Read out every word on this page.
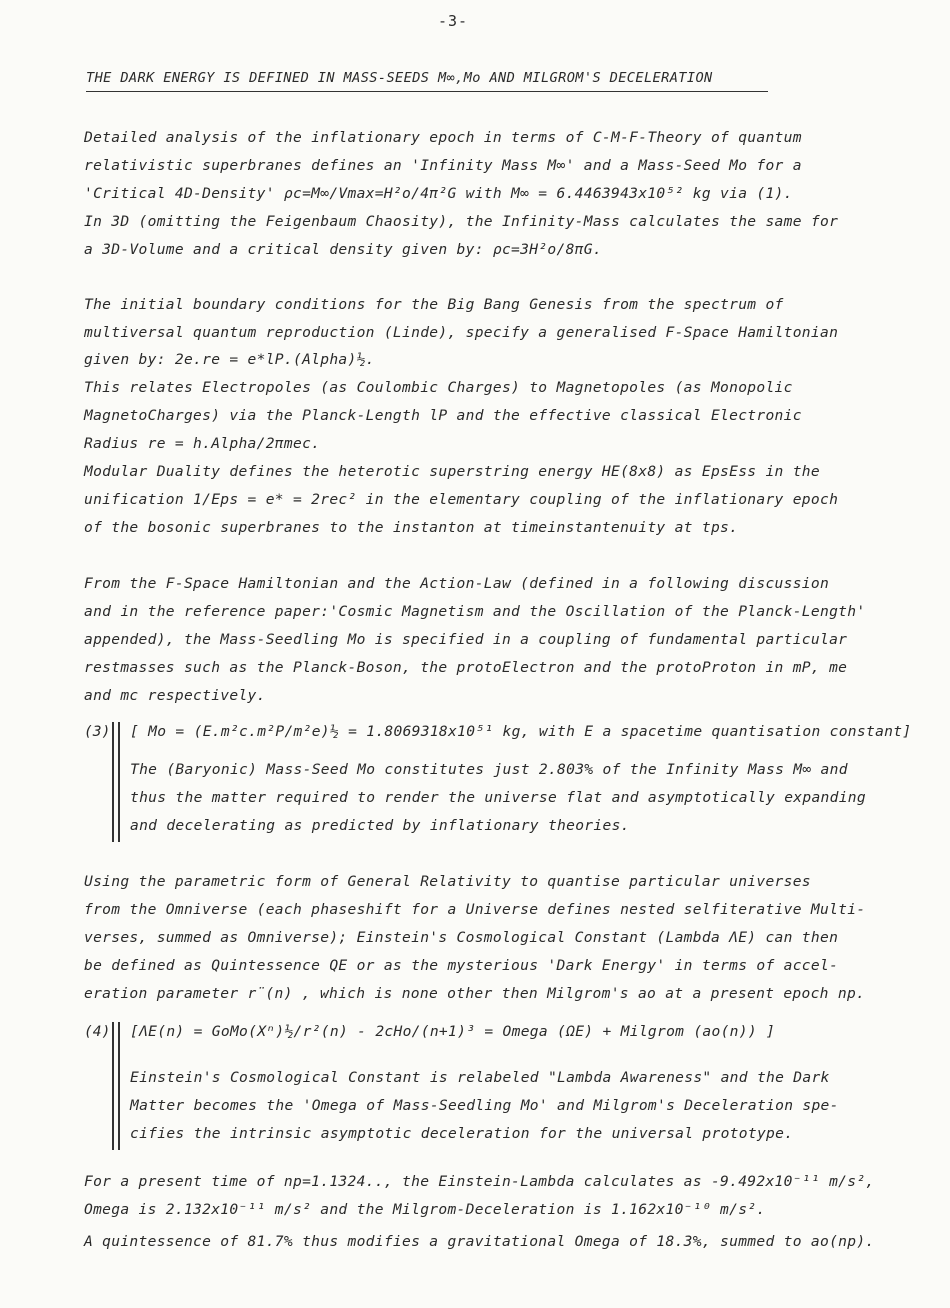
-3-
THE DARK ENERGY IS DEFINED IN MASS-SEEDS M∞,Mo AND MILGROM'S DECELERATION
Detailed analysis of the inflationary epoch in terms of C-M-F-Theory of quantum
relativistic superbranes defines an 'Infinity Mass M∞' and a Mass-Seed Mo for a
'Critical 4D-Density' ρc=M∞/Vmax=H²o/4π²G with M∞ = 6.4463943x10⁵² kg via (1).
In 3D (omitting the Feigenbaum Chaosity), the Infinity-Mass calculates the same for
a 3D-Volume and a critical density given by: ρc=3H²o/8πG.
The initial boundary conditions for the Big Bang Genesis from the spectrum of
multiversal quantum reproduction (Linde), specify a generalised F-Space Hamiltonian
given by: 2e.re = e*lP.(Alpha)½.
This relates Electropoles (as Coulombic Charges) to Magnetopoles (as Monopolic
MagnetoCharges) via the Planck-Length lP and the effective classical Electronic
Radius re = h.Alpha/2πmec.
Modular Duality defines the heterotic superstring energy HE(8x8) as EpsEss in the
unification 1/Eps = e* = 2rec² in the elementary coupling of the inflationary epoch
of the bosonic superbranes to the instanton at timeinstantenuity at tps.
From the F-Space Hamiltonian and the Action-Law (defined in a following discussion
and in the reference paper:'Cosmic Magnetism and the Oscillation of the Planck-Length'
appended), the Mass-Seedling Mo is specified in a coupling of fundamental particular
restmasses such as the Planck-Boson, the protoElectron and the protoProton in mP, me
and mc respectively.
(3) [ Mo = (E.m²c.m²P/m²e)½ = 1.8069318x10⁵¹ kg, with E a spacetime quantisation constant]
The (Baryonic) Mass-Seed Mo constitutes just 2.803% of the Infinity Mass M∞ and
thus the matter required to render the universe flat and asymptotically expanding
and decelerating as predicted by inflationary theories.
Using the parametric form of General Relativity to quantise particular universes
from the Omniverse (each phaseshift for a Universe defines nested selfiterative Multi-
verses, summed as Omniverse); Einstein's Cosmological Constant (Lambda ΛE) can then
be defined as Quintessence QE or as the mysterious 'Dark Energy' in terms of accel-
eration parameter r̈(n) , which is none other then Milgrom's ao at a present epoch np.
(4) [ΛE(n) = GoMo(Xⁿ)½/r²(n) - 2cHo/(n+1)³ = Omega (ΩE) + Milgrom (ao(n)) ]
Einstein's Cosmological Constant is relabeled "Lambda Awareness" and the Dark
Matter becomes the 'Omega of Mass-Seedling Mo' and Milgrom's Deceleration spe-
cifies the intrinsic asymptotic deceleration for the universal prototype.
For a present time of np=1.1324.., the Einstein-Lambda calculates as -9.492x10⁻¹¹ m/s²,
Omega is 2.132x10⁻¹¹ m/s² and the Milgrom-Deceleration is 1.162x10⁻¹⁰ m/s².
A quintessence of 81.7% thus modifies a gravitational Omega of 18.3%, summed to ao(np).
